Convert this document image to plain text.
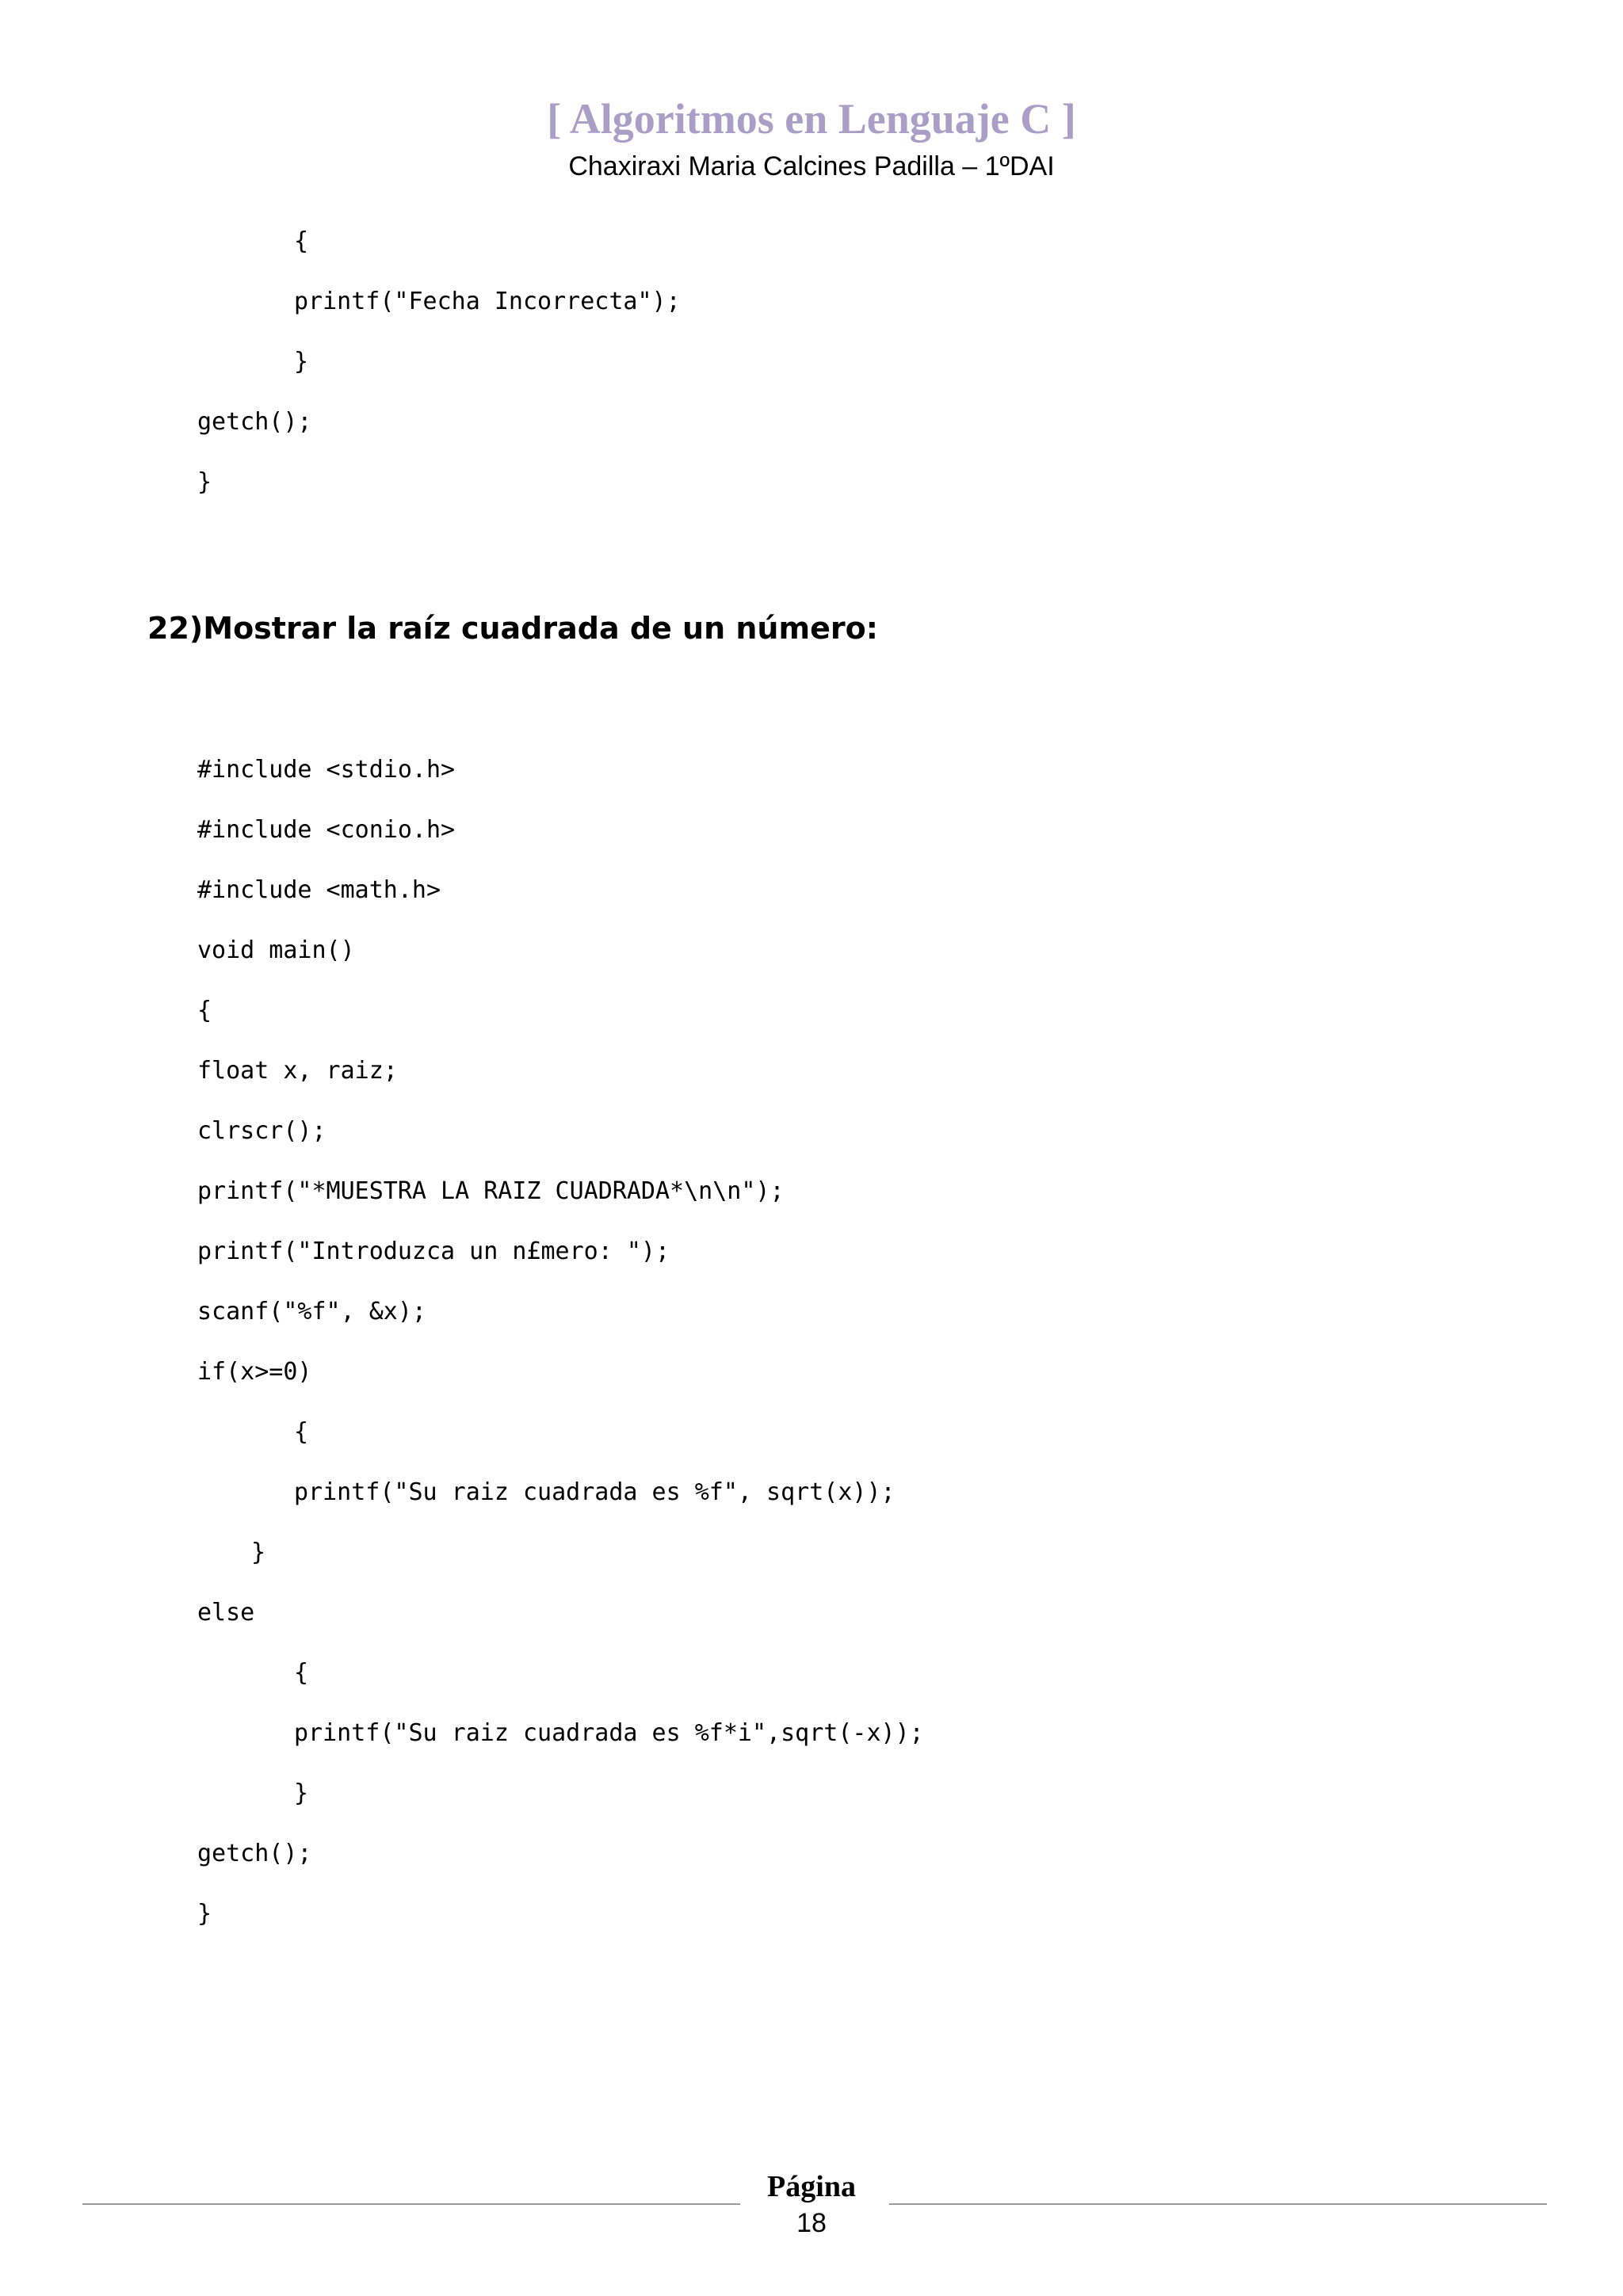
[ Algoritmos en Lenguaje C ]
Chaxiraxi Maria Calcines Padilla – 1ºDAI
{
printf("Fecha Incorrecta");
}
getch();
}
22)Mostrar la raíz cuadrada de un número:
#include <stdio.h>
#include <conio.h>
#include <math.h>
void main()
{
float x, raiz;
clrscr();
printf("*MUESTRA LA RAIZ CUADRADA*\n\n");
printf("Introduzca un n£mero: ");
scanf("%f", &x);
if(x>=0)
{
printf("Su raiz cuadrada es %f", sqrt(x));
}
else
{
printf("Su raiz cuadrada es %f*i",sqrt(-x));
}
getch();
}
Página
18
